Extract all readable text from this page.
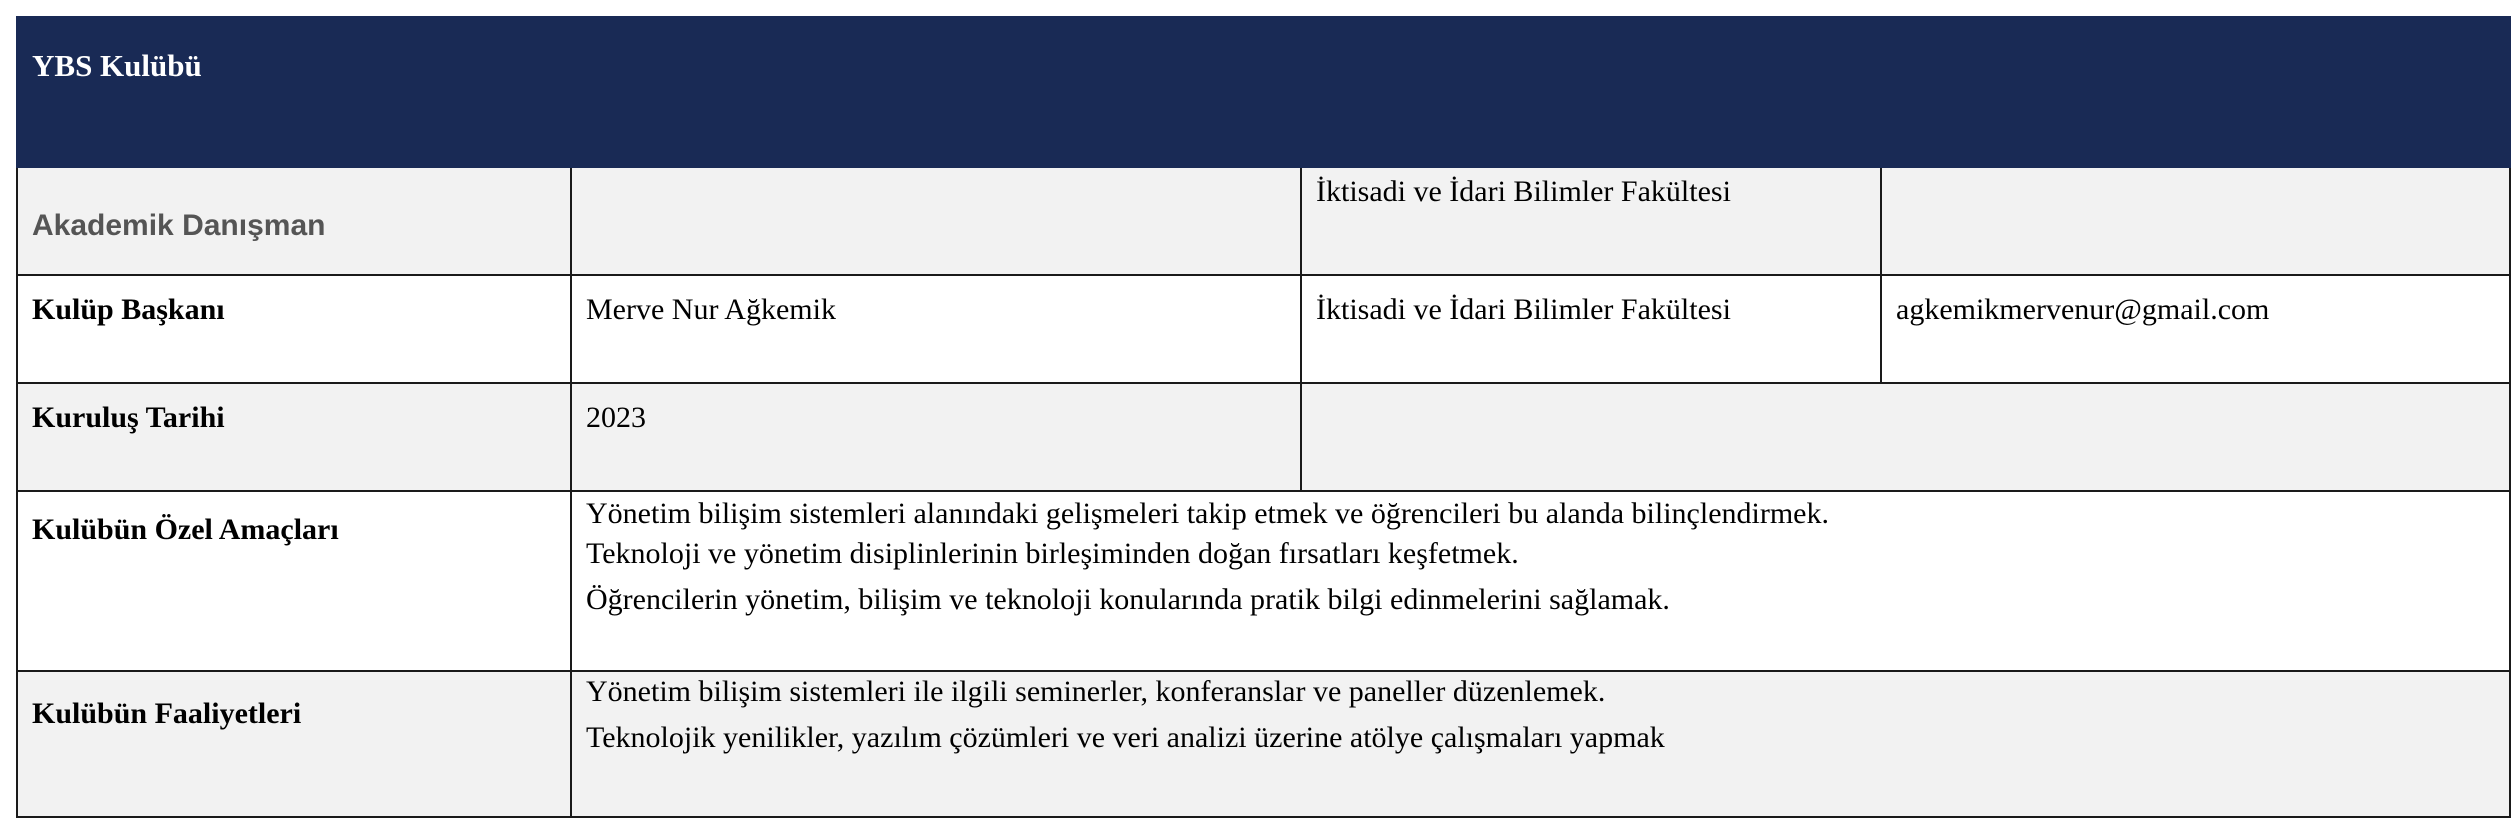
YBS Kulübü			
Akademik Danışman		İktisadi ve İdari Bilimler Fakültesi	
Kulüp Başkanı	Merve Nur Ağkemik	İktisadi ve İdari Bilimler Fakültesi	agkemikmervenur@gmail.com
Kuruluş Tarihi	2023		
Kulübün Özel Amaçları	Yönetim bilişim sistemleri alanındaki gelişmeleri takip etmek ve öğrencileri bu alanda bilinçlendirmek.
Teknoloji ve yönetim disiplinlerinin birleşiminden doğan fırsatları keşfetmek.
Öğrencilerin yönetim, bilişim ve teknoloji konularında pratik bilgi edinmelerini sağlamak.		

Kulübün Faaliyetleri	Yönetim bilişim sistemleri ile ilgili seminerler, konferanslar ve paneller düzenlemek.
Teknolojik yenilikler, yazılım çözümleri ve veri analizi üzerine atölye çalışmaları yapmak		
